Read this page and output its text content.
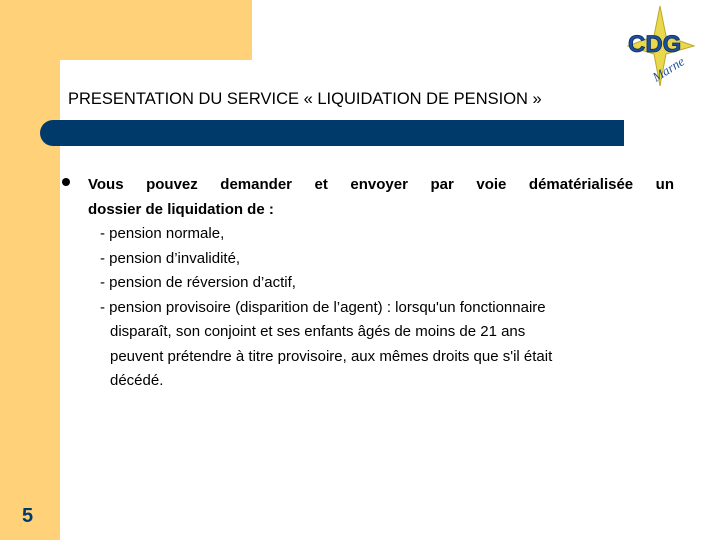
CDG
Marne
PRESENTATION DU SERVICE « LIQUIDATION DE PENSION »
Vous pouvez demander et envoyer par voie dématérialisée un
dossier de liquidation de :
- pension normale,
- pension d’invalidité,
- pension de réversion d’actif,
- pension provisoire (disparition de l’agent) : lorsqu'un fonctionnaire
disparaît, son conjoint et ses enfants âgés de moins de 21 ans
peuvent prétendre à titre provisoire, aux mêmes droits que s'il était
décédé.
5
